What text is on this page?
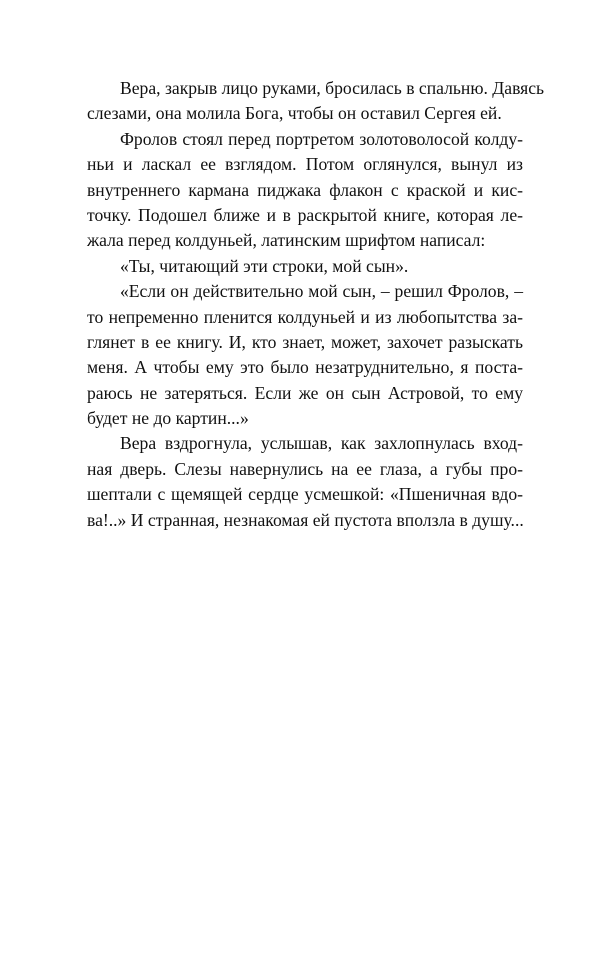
Вера, закрыв лицо руками, бросилась в спальню. Давясь
слезами, она молила Бога, чтобы он оставил Сергея ей.
Фролов стоял перед портретом золотоволосой колду-
ньи и ласкал ее взглядом. Потом оглянулся, вынул из
внутреннего кармана пиджака флакон с краской и кис-
точку. Подошел ближе и в раскрытой книге, которая ле-
жала перед колдуньей, латинским шрифтом написал:
«Ты, читающий эти строки, мой сын».
«Если он действительно мой сын, – решил Фролов, –
то непременно пленится колдуньей и из любопытства за-
глянет в ее книгу. И, кто знает, может, захочет разыскать
меня. А чтобы ему это было незатруднительно, я поста-
раюсь не затеряться. Если же он сын Астровой, то ему
будет не до картин...»
Вера вздрогнула, услышав, как захлопнулась вход-
ная дверь. Слезы навернулись на ее глаза, а губы про-
шептали с щемящей сердце усмешкой: «Пшеничная вдо-
ва!..» И странная, незнакомая ей пустота вползла в душу...
